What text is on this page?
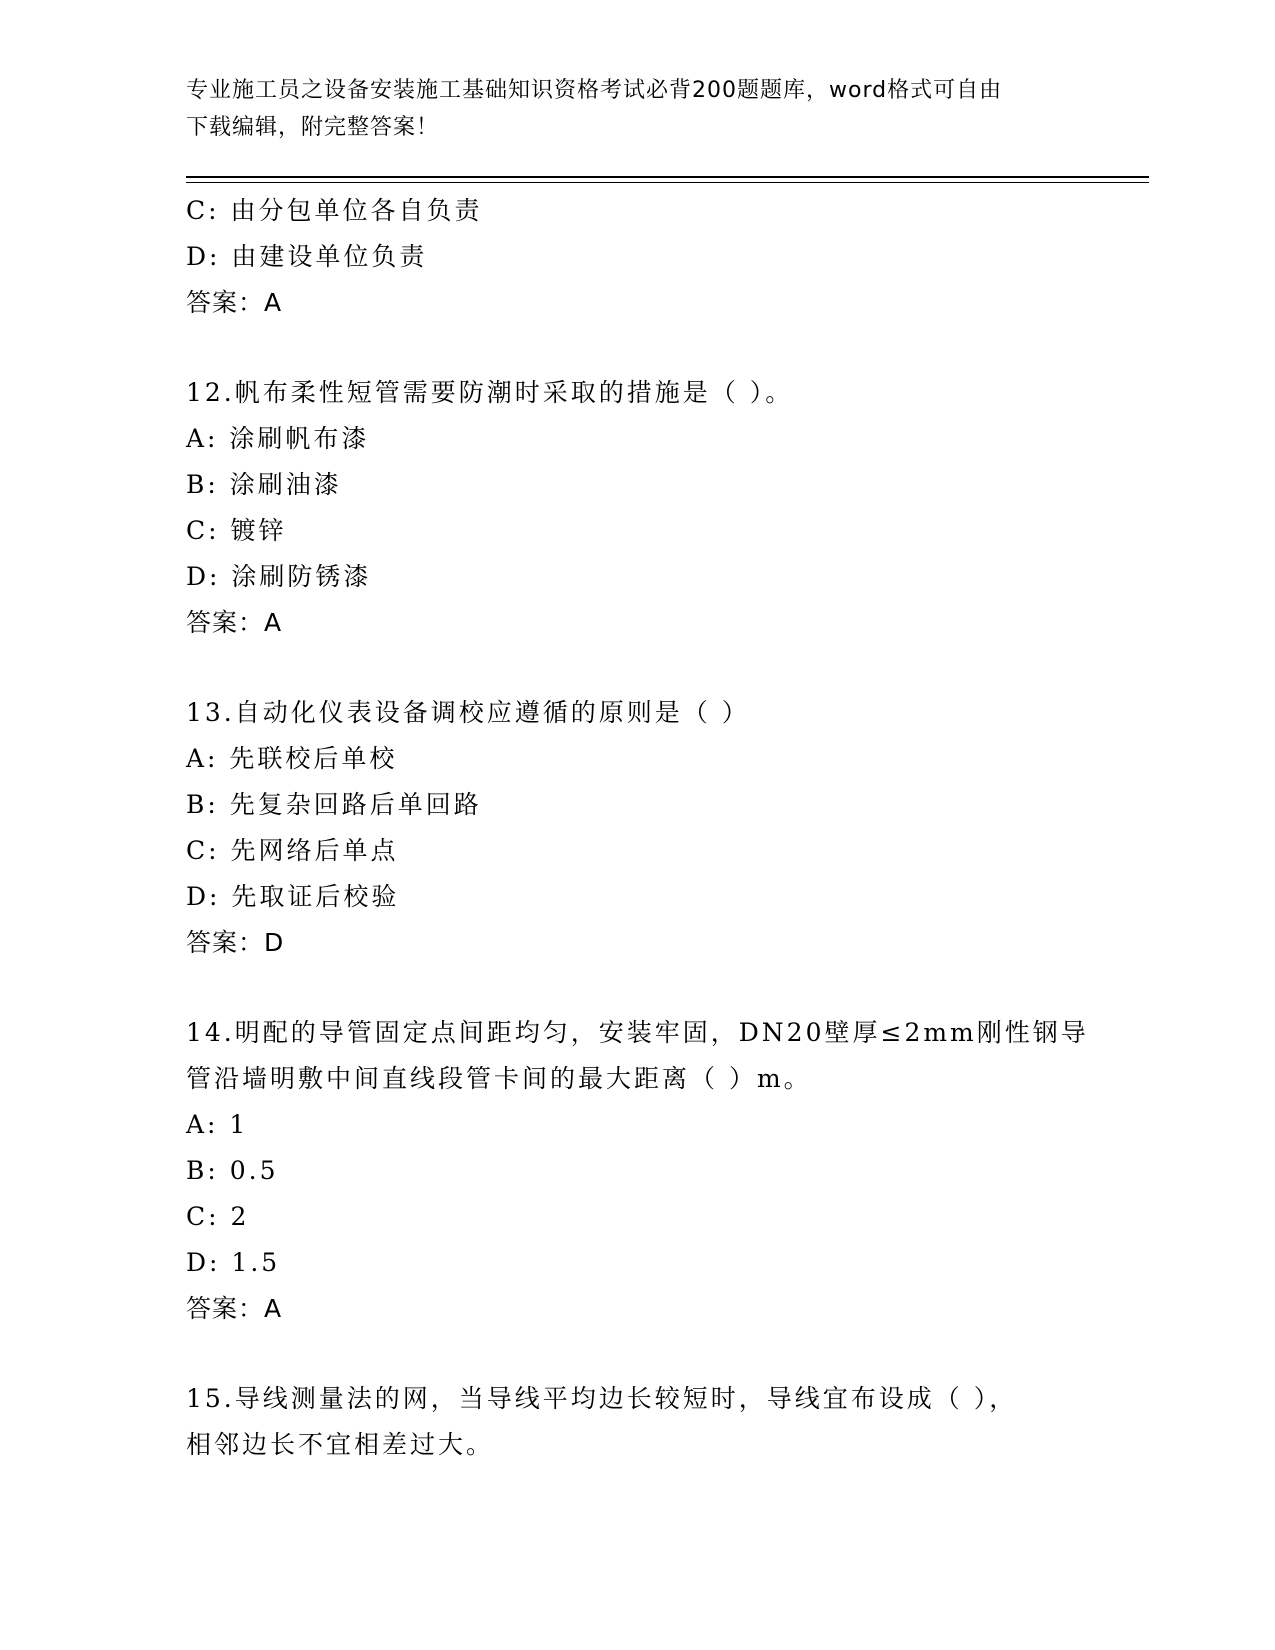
专业施工员之设备安装施工基础知识资格考试必背200题题库，word格式可自由
下载编辑，附完整答案！
C: 由分包单位各自负责
D: 由建设单位负责
答案：A
12.帆布柔性短管需要防潮时采取的措施是（ ）。
A: 涂刷帆布漆
B: 涂刷油漆
C: 镀锌
D: 涂刷防锈漆
答案：A
13.自动化仪表设备调校应遵循的原则是（ ）
A: 先联校后单校
B: 先复杂回路后单回路
C: 先网络后单点
D: 先取证后校验
答案：D
14.明配的导管固定点间距均匀，安装牢固，DN20壁厚≤2mm刚性钢导
管沿墙明敷中间直线段管卡间的最大距离（ ）m。
A: 1
B: 0.5
C: 2
D: 1.5
答案：A
15.导线测量法的网，当导线平均边长较短时，导线宜布设成（ ），
相邻边长不宜相差过大。
